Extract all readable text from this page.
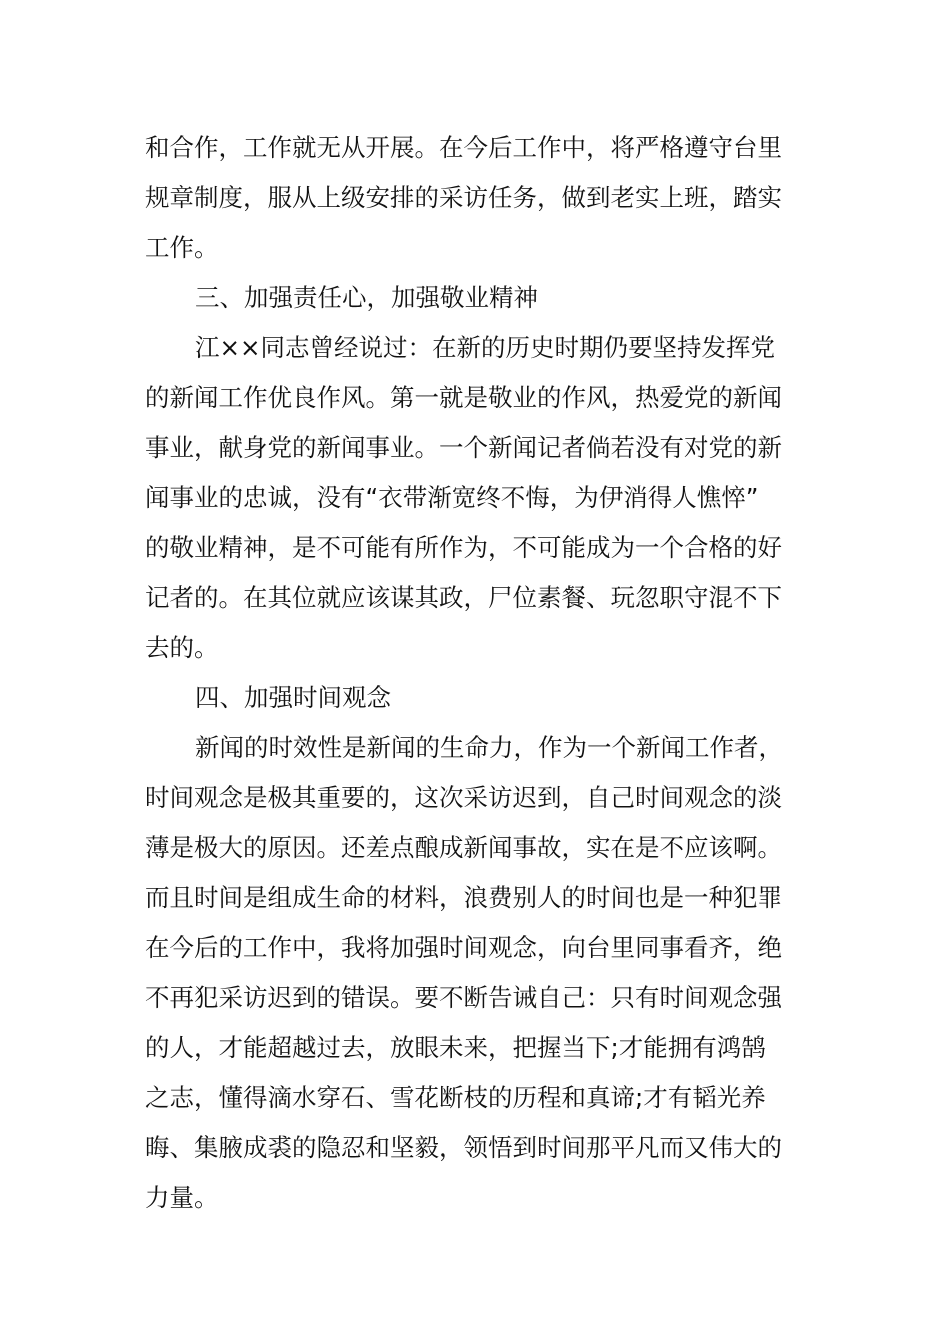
和合作，工作就无从开展。在今后工作中，将严格遵守台里
规章制度，服从上级安排的采访任务，做到老实上班，踏实
工作。
三、加强责任心，加强敬业精神
江××同志曾经说过：在新的历史时期仍要坚持发挥党
的新闻工作优良作风。第一就是敬业的作风，热爱党的新闻
事业，献身党的新闻事业。一个新闻记者倘若没有对党的新
闻事业的忠诚，没有“衣带渐宽终不悔，为伊消得人憔悴”
的敬业精神，是不可能有所作为，不可能成为一个合格的好
记者的。在其位就应该谋其政，尸位素餐、玩忽职守混不下
去的。
四、加强时间观念
新闻的时效性是新闻的生命力，作为一个新闻工作者，
时间观念是极其重要的，这次采访迟到，自己时间观念的淡
薄是极大的原因。还差点酿成新闻事故，实在是不应该啊。
而且时间是组成生命的材料，浪费别人的时间也是一种犯罪
在今后的工作中，我将加强时间观念，向台里同事看齐，绝
不再犯采访迟到的错误。要不断告诫自己：只有时间观念强
的人，才能超越过去，放眼未来，把握当下;才能拥有鸿鹄
之志，懂得滴水穿石、雪花断枝的历程和真谛;才有韬光养
晦、集腋成裘的隐忍和坚毅，领悟到时间那平凡而又伟大的
力量。
